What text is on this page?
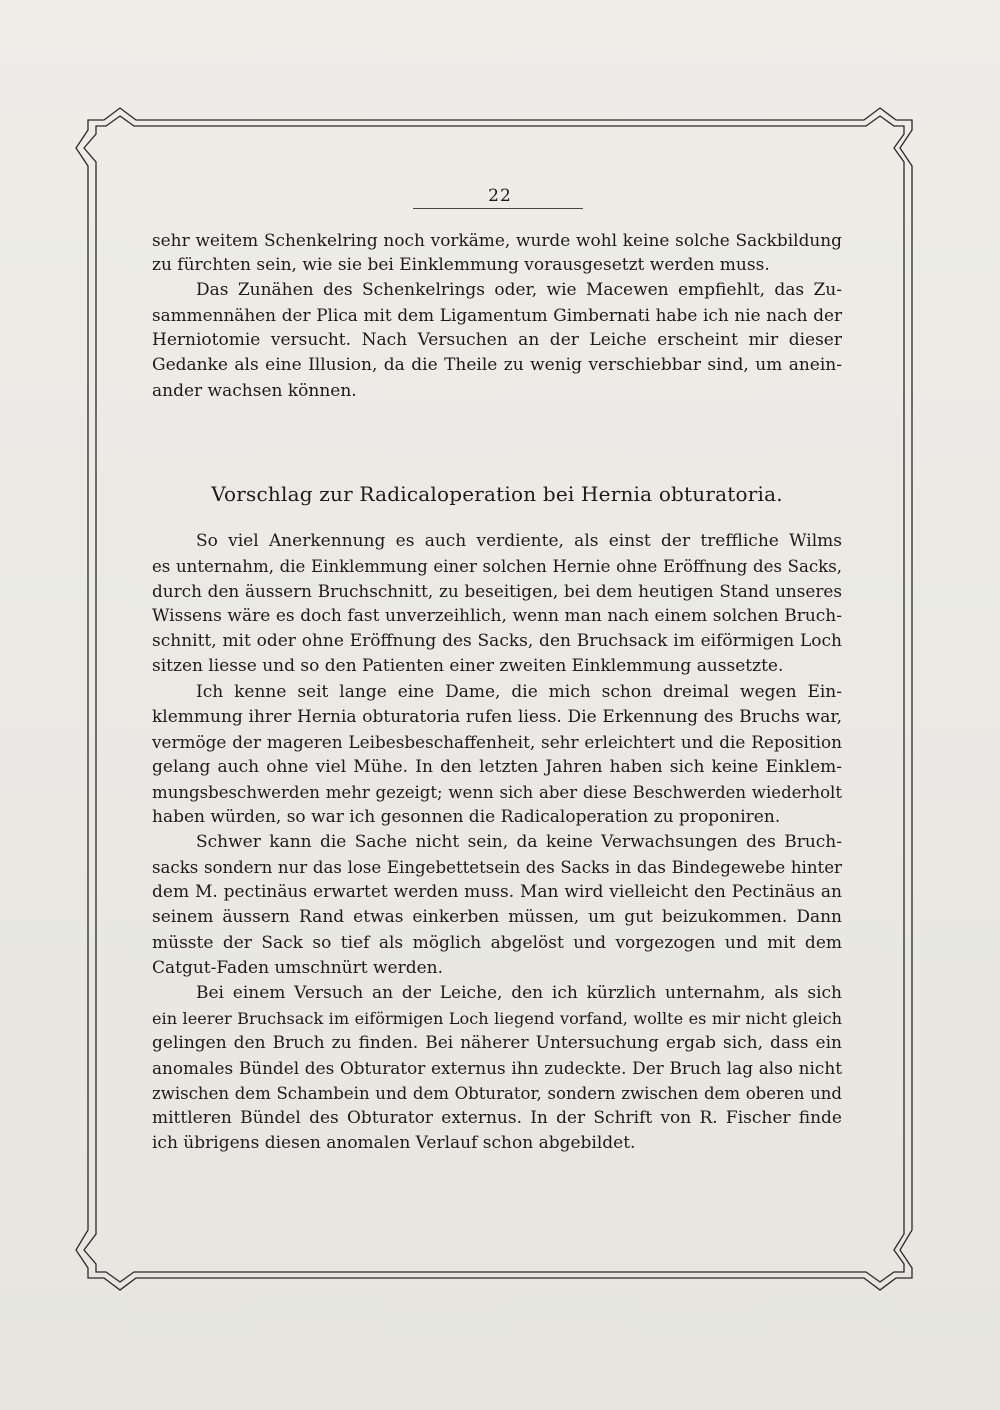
22
sehr weitem Schenkelring noch vorkäme, wurde wohl keine solche Sackbildung
zu fürchten sein, wie sie bei Einklemmung vorausgesetzt werden muss.
Das Zunähen des Schenkelrings oder, wie Macewen empfiehlt, das Zu-
sammennähen der Plica mit dem Ligamentum Gimbernati habe ich nie nach der
Herniotomie versucht. Nach Versuchen an der Leiche erscheint mir dieser
Gedanke als eine Illusion, da die Theile zu wenig verschiebbar sind, um anein-
ander wachsen können.
Vorschlag zur Radicaloperation bei Hernia obturatoria.
So viel Anerkennung es auch verdiente, als einst der treffliche Wilms
es unternahm, die Einklemmung einer solchen Hernie ohne Eröffnung des Sacks,
durch den äussern Bruchschnitt, zu beseitigen, bei dem heutigen Stand unseres
Wissens wäre es doch fast unverzeihlich, wenn man nach einem solchen Bruch-
schnitt, mit oder ohne Eröffnung des Sacks, den Bruchsack im eiförmigen Loch
sitzen liesse und so den Patienten einer zweiten Einklemmung aussetzte.
Ich kenne seit lange eine Dame, die mich schon dreimal wegen Ein-
klemmung ihrer Hernia obturatoria rufen liess. Die Erkennung des Bruchs war,
vermöge der mageren Leibesbeschaffenheit, sehr erleichtert und die Reposition
gelang auch ohne viel Mühe. In den letzten Jahren haben sich keine Einklem-
mungsbeschwerden mehr gezeigt; wenn sich aber diese Beschwerden wiederholt
haben würden, so war ich gesonnen die Radicaloperation zu proponiren.
Schwer kann die Sache nicht sein, da keine Verwachsungen des Bruch-
sacks sondern nur das lose Eingebettetsein des Sacks in das Bindegewebe hinter
dem M. pectinäus erwartet werden muss. Man wird vielleicht den Pectinäus an
seinem äussern Rand etwas einkerben müssen, um gut beizukommen. Dann
müsste der Sack so tief als möglich abgelöst und vorgezogen und mit dem
Catgut-Faden umschnürt werden.
Bei einem Versuch an der Leiche, den ich kürzlich unternahm, als sich
ein leerer Bruchsack im eiförmigen Loch liegend vorfand, wollte es mir nicht gleich
gelingen den Bruch zu finden. Bei näherer Untersuchung ergab sich, dass ein
anomales Bündel des Obturator externus ihn zudeckte. Der Bruch lag also nicht
zwischen dem Schambein und dem Obturator, sondern zwischen dem oberen und
mittleren Bündel des Obturator externus. In der Schrift von R. Fischer finde
ich übrigens diesen anomalen Verlauf schon abgebildet.
